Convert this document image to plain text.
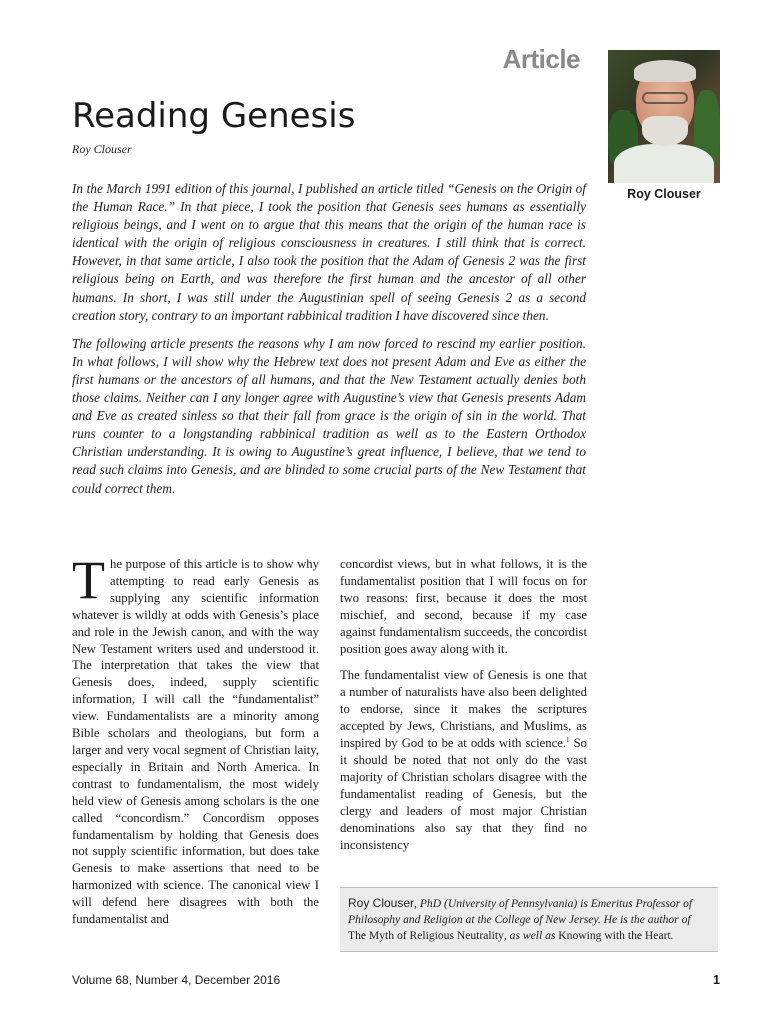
Article
Reading Genesis
Roy Clouser
Roy Clouser

In the March 1991 edition of this journal, I published an article titled “Genesis on the Origin of the Human Race.” In that piece, I took the position that Genesis sees humans as essentially religious beings, and I went on to argue that this means that the origin of the human race is identical with the origin of religious consciousness in creatures. I still think that is correct. However, in that same article, I also took the position that the Adam of Genesis 2 was the first religious being on Earth, and was therefore the first human and the ancestor of all other humans. In short, I was still under the Augustinian spell of seeing Genesis 2 as a second creation story, contrary to an important rabbinical tradition I have discovered since then.

The following article presents the reasons why I am now forced to rescind my earlier position. In what follows, I will show why the Hebrew text does not present Adam and Eve as either the first humans or the ancestors of all humans, and that the New Testament actually denies both those claims. Neither can I any longer agree with Augustine’s view that Genesis presents Adam and Eve as created sinless so that their fall from grace is the origin of sin in the world. That runs counter to a longstanding rabbinical tradition as well as to the Eastern Orthodox Christian understanding. It is owing to Augustine’s great influence, I believe, that we tend to read such claims into Genesis, and are blinded to some crucial parts of the New Testament that could correct them.

The purpose of this article is to show why attempting to read early Genesis as supplying any scientific information whatever is wildly at odds with Genesis’s place and role in the Jewish canon, and with the way New Testament writers used and understood it. The interpretation that takes the view that Genesis does, indeed, supply scientific information, I will call the “fundamentalist” view. Fundamentalists are a minority among Bible scholars and theologians, but form a larger and very vocal segment of Christian laity, especially in Britain and North America. In contrast to fundamentalism, the most widely held view of Genesis among scholars is the one called “concordism.” Concordism opposes fundamentalism by holding that Genesis does not supply scientific information, but does take Genesis to make assertions that need to be harmonized with science. The canonical view I will defend here disagrees with both the fundamentalist and

concordist views, but in what follows, it is the fundamentalist position that I will focus on for two reasons: first, because it does the most mischief, and second, because if my case against fundamentalism succeeds, the concordist position goes away along with it.

The fundamentalist view of Genesis is one that a number of naturalists have also been delighted to endorse, since it makes the scriptures accepted by Jews, Christians, and Muslims, as inspired by God to be at odds with science.$^1$ So it should be noted that not only do the vast majority of Christian scholars disagree with the fundamentalist reading of Genesis, but the clergy and leaders of most major Christian denominations also say that they find no inconsistency

Roy Clouser, PhD (University of Pennsylvania) is Emeritus Professor of Philosophy and Religion at the College of New Jersey. He is the author of The Myth of Religious Neutrality, as well as Knowing with the Heart.
Volume 68, Number 4, December 2016	1
